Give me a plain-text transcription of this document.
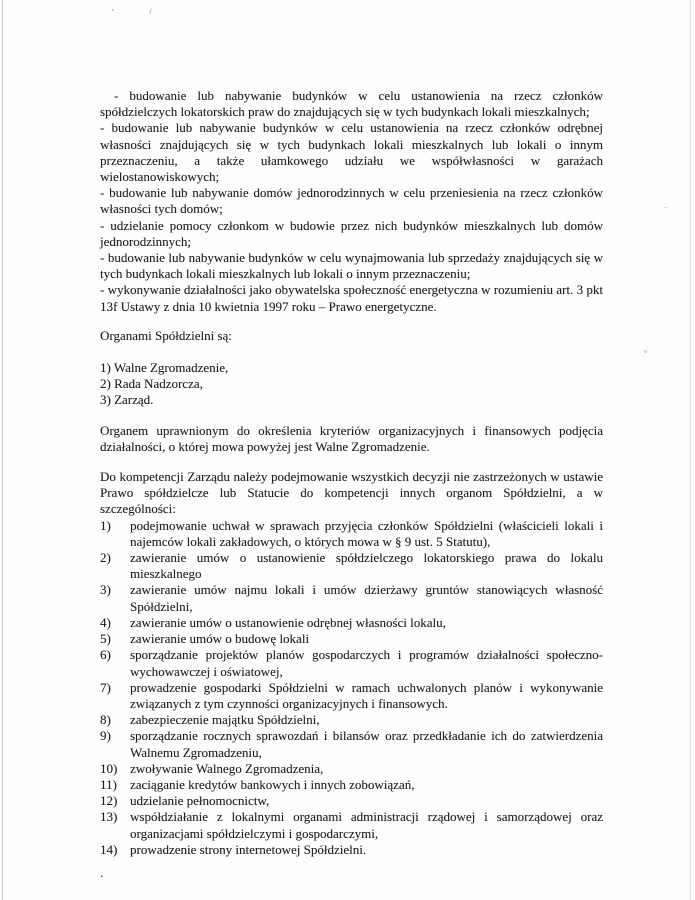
- budowanie lub nabywanie budynków w celu ustanowienia na rzecz członków spółdzielczych lokatorskich praw do znajdujących się w tych budynkach lokali mieszkalnych;

- budowanie lub nabywanie budynków w celu ustanowienia na rzecz członków odrębnej własności znajdujących się w tych budynkach lokali mieszkalnych lub lokali o innym przeznaczeniu, a także ułamkowego udziału we współwłasności w garażach wielostanowiskowych;

- budowanie lub nabywanie domów jednorodzinnych w celu przeniesienia na rzecz członków własności tych domów;

- udzielanie pomocy członkom w budowie przez nich budynków mieszkalnych lub domów jednorodzinnych;

- budowanie lub nabywanie budynków w celu wynajmowania lub sprzedaży znajdujących się w tych budynkach lokali mieszkalnych lub lokali o innym przeznaczeniu;

- wykonywanie działalności jako obywatelska społeczność energetyczna w rozumieniu art. 3 pkt 13f Ustawy z dnia 10 kwietnia 1997 roku – Prawo energetyczne.

Organami Spółdzielni są:

1) Walne Zgromadzenie,

2) Rada Nadzorcza,

3) Zarząd.

Organem uprawnionym do określenia kryteriów organizacyjnych i finansowych podjęcia działalności, o której mowa powyżej jest Walne Zgromadzenie.

Do kompetencji Zarządu należy podejmowanie wszystkich decyzji nie zastrzeżonych w ustawie Prawo spółdzielcze lub Statucie do kompetencji innych organom Spółdzielni, a w szczególności:

1)	podejmowanie uchwał w sprawach przyjęcia członków Spółdzielni (właścicieli lokali i najemców lokali zakładowych, o których mowa w § 9 ust. 5 Statutu),
2)	zawieranie umów o ustanowienie spółdzielczego lokatorskiego prawa do lokalu mieszkalnego
3)	zawieranie umów najmu lokali i umów dzierżawy gruntów stanowiących własność Spółdzielni,
4)	zawieranie umów o ustanowienie odrębnej własności lokalu,
5)	zawieranie umów o budowę lokali
6)	sporządzanie projektów planów gospodarczych i programów działalności społeczno-wychowawczej i oświatowej,
7)	prowadzenie gospodarki Spółdzielni w ramach uchwalonych planów i wykonywanie związanych z tym czynności organizacyjnych i finansowych.
8)	zabezpieczenie majątku Spółdzielni,
9)	sporządzanie rocznych sprawozdań i bilansów oraz przedkładanie ich do zatwierdzenia Walnemu Zgromadzeniu,
10) zwoływanie Walnego Zgromadzenia,
11)	zaciąganie kredytów bankowych i innych zobowiązań,
12) udzielanie pełnomocnictw,
13) współdziałanie z lokalnymi organami administracji rządowej i samorządowej oraz organizacjami spółdzielczymi i gospodarczymi,
14) prowadzenie strony internetowej Spółdzielni.

.
